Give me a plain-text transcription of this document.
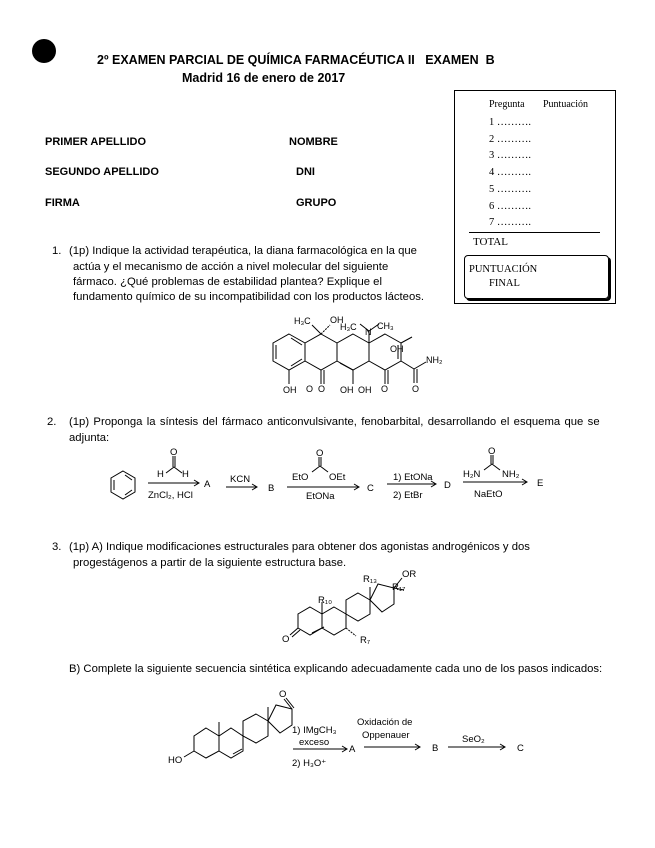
2º EXAMEN PARCIAL DE QUÍMICA FARMACÉUTICA II   EXAMEN  B
Madrid 16 de enero de 2017
Pregunta Puntuación
1 ……….
2 ……….
3 ……….
4 ……….
5 ……….
6 ……….
7 ……….
TOTAL
PUNTUACIÓN
FINAL
PRIMER APELLIDO	NOMBRE
SEGUNDO APELLIDO	DNI
FIRMA	GRUPO
1. (1p) Indique la actividad terapéutica, la diana farmacológica en la que
actúa y el mecanismo de acción a nivel molecular del siguiente
fármaco. ¿Qué problemas de estabilidad plantea? Explique el
fundamento químico de su incompatibilidad con los productos lácteos.
2. (1p) Proponga la síntesis del fármaco anticonvulsivante, fenobarbital, desarrollando el esquema que se
adjunta:
3. (1p) A) Indique modificaciones estructurales para obtener dos agonistas androgénicos y dos
progestágenos a partir de la siguiente estructura base.
B) Complete la siguiente secuencia sintética explicando adecuadamente cada uno de los pasos indicados:
H₃C OH
H₃C CH₃
N
OH
NH₂
O
OH O OH OH O
O
O
H H
ZnCl₂, HCl
A KCN
B
O
EtO OEt
EtONa
C
1) EtONa
2) EtBr
D
O
H₂N NH₂
NaEtO
E
OR
R₁₃
R₁₇
R₁₀
O	R₇
O
HO
1) IMgCH₃
exceso
2) H₃O⁺
A
Oxidación de
Oppenauer
B
SeO₂
C
